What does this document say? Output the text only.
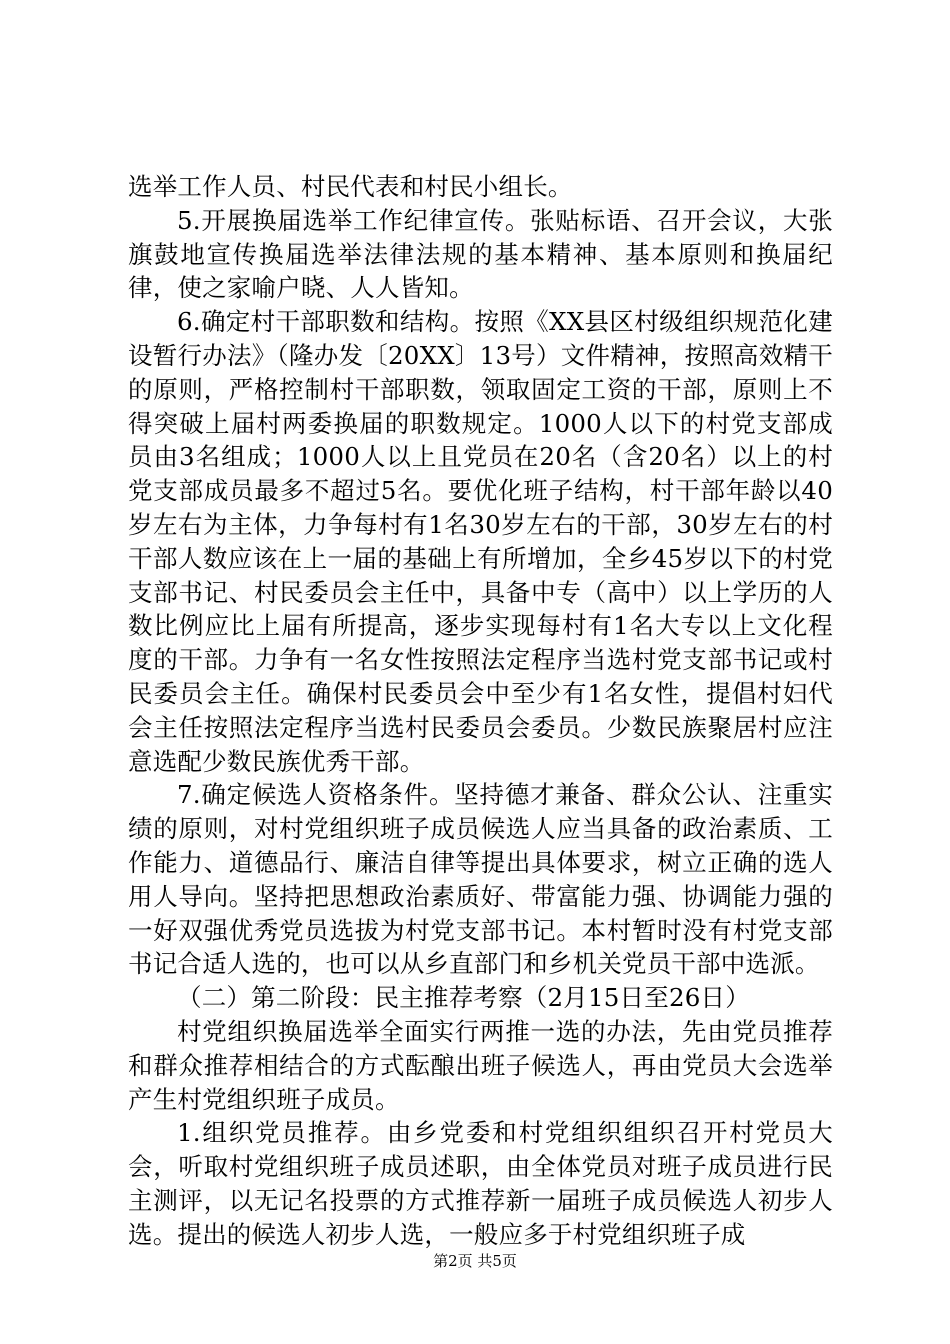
选举工作人员、村民代表和村民小组长。

5.开展换届选举工作纪律宣传。张贴标语、召开会议，大张旗鼓地宣传换届选举法律法规的基本精神、基本原则和换届纪律，使之家喻户晓、人人皆知。

6.确定村干部职数和结构。按照《XX县区村级组织规范化建设暂行办法》（隆办发〔20XX〕13号）文件精神，按照高效精干的原则，严格控制村干部职数，领取固定工资的干部，原则上不得突破上届村两委换届的职数规定。1000人以下的村党支部成员由3名组成；1000人以上且党员在20名（含20名）以上的村党支部成员最多不超过5名。要优化班子结构，村干部年龄以40岁左右为主体，力争每村有1名30岁左右的干部，30岁左右的村干部人数应该在上一届的基础上有所增加，全乡45岁以下的村党支部书记、村民委员会主任中，具备中专（高中）以上学历的人数比例应比上届有所提高，逐步实现每村有1名大专以上文化程度的干部。力争有一名女性按照法定程序当选村党支部书记或村民委员会主任。确保村民委员会中至少有1名女性，提倡村妇代会主任按照法定程序当选村民委员会委员。少数民族聚居村应注意选配少数民族优秀干部。

7.确定候选人资格条件。坚持德才兼备、群众公认、注重实绩的原则，对村党组织班子成员候选人应当具备的政治素质、工作能力、道德品行、廉洁自律等提出具体要求，树立正确的选人用人导向。坚持把思想政治素质好、带富能力强、协调能力强的一好双强优秀党员选拔为村党支部书记。本村暂时没有村党支部书记合适人选的，也可以从乡直部门和乡机关党员干部中选派。

（二）第二阶段：民主推荐考察（2月15日至26日）

村党组织换届选举全面实行两推一选的办法，先由党员推荐和群众推荐相结合的方式酝酿出班子候选人，再由党员大会选举产生村党组织班子成员。

1.组织党员推荐。由乡党委和村党组织组织召开村党员大会，听取村党组织班子成员述职，由全体党员对班子成员进行民主测评，以无记名投票的方式推荐新一届班子成员候选人初步人选。提出的候选人初步人选，一般应多于村党组织班子成

第2页 共5页
